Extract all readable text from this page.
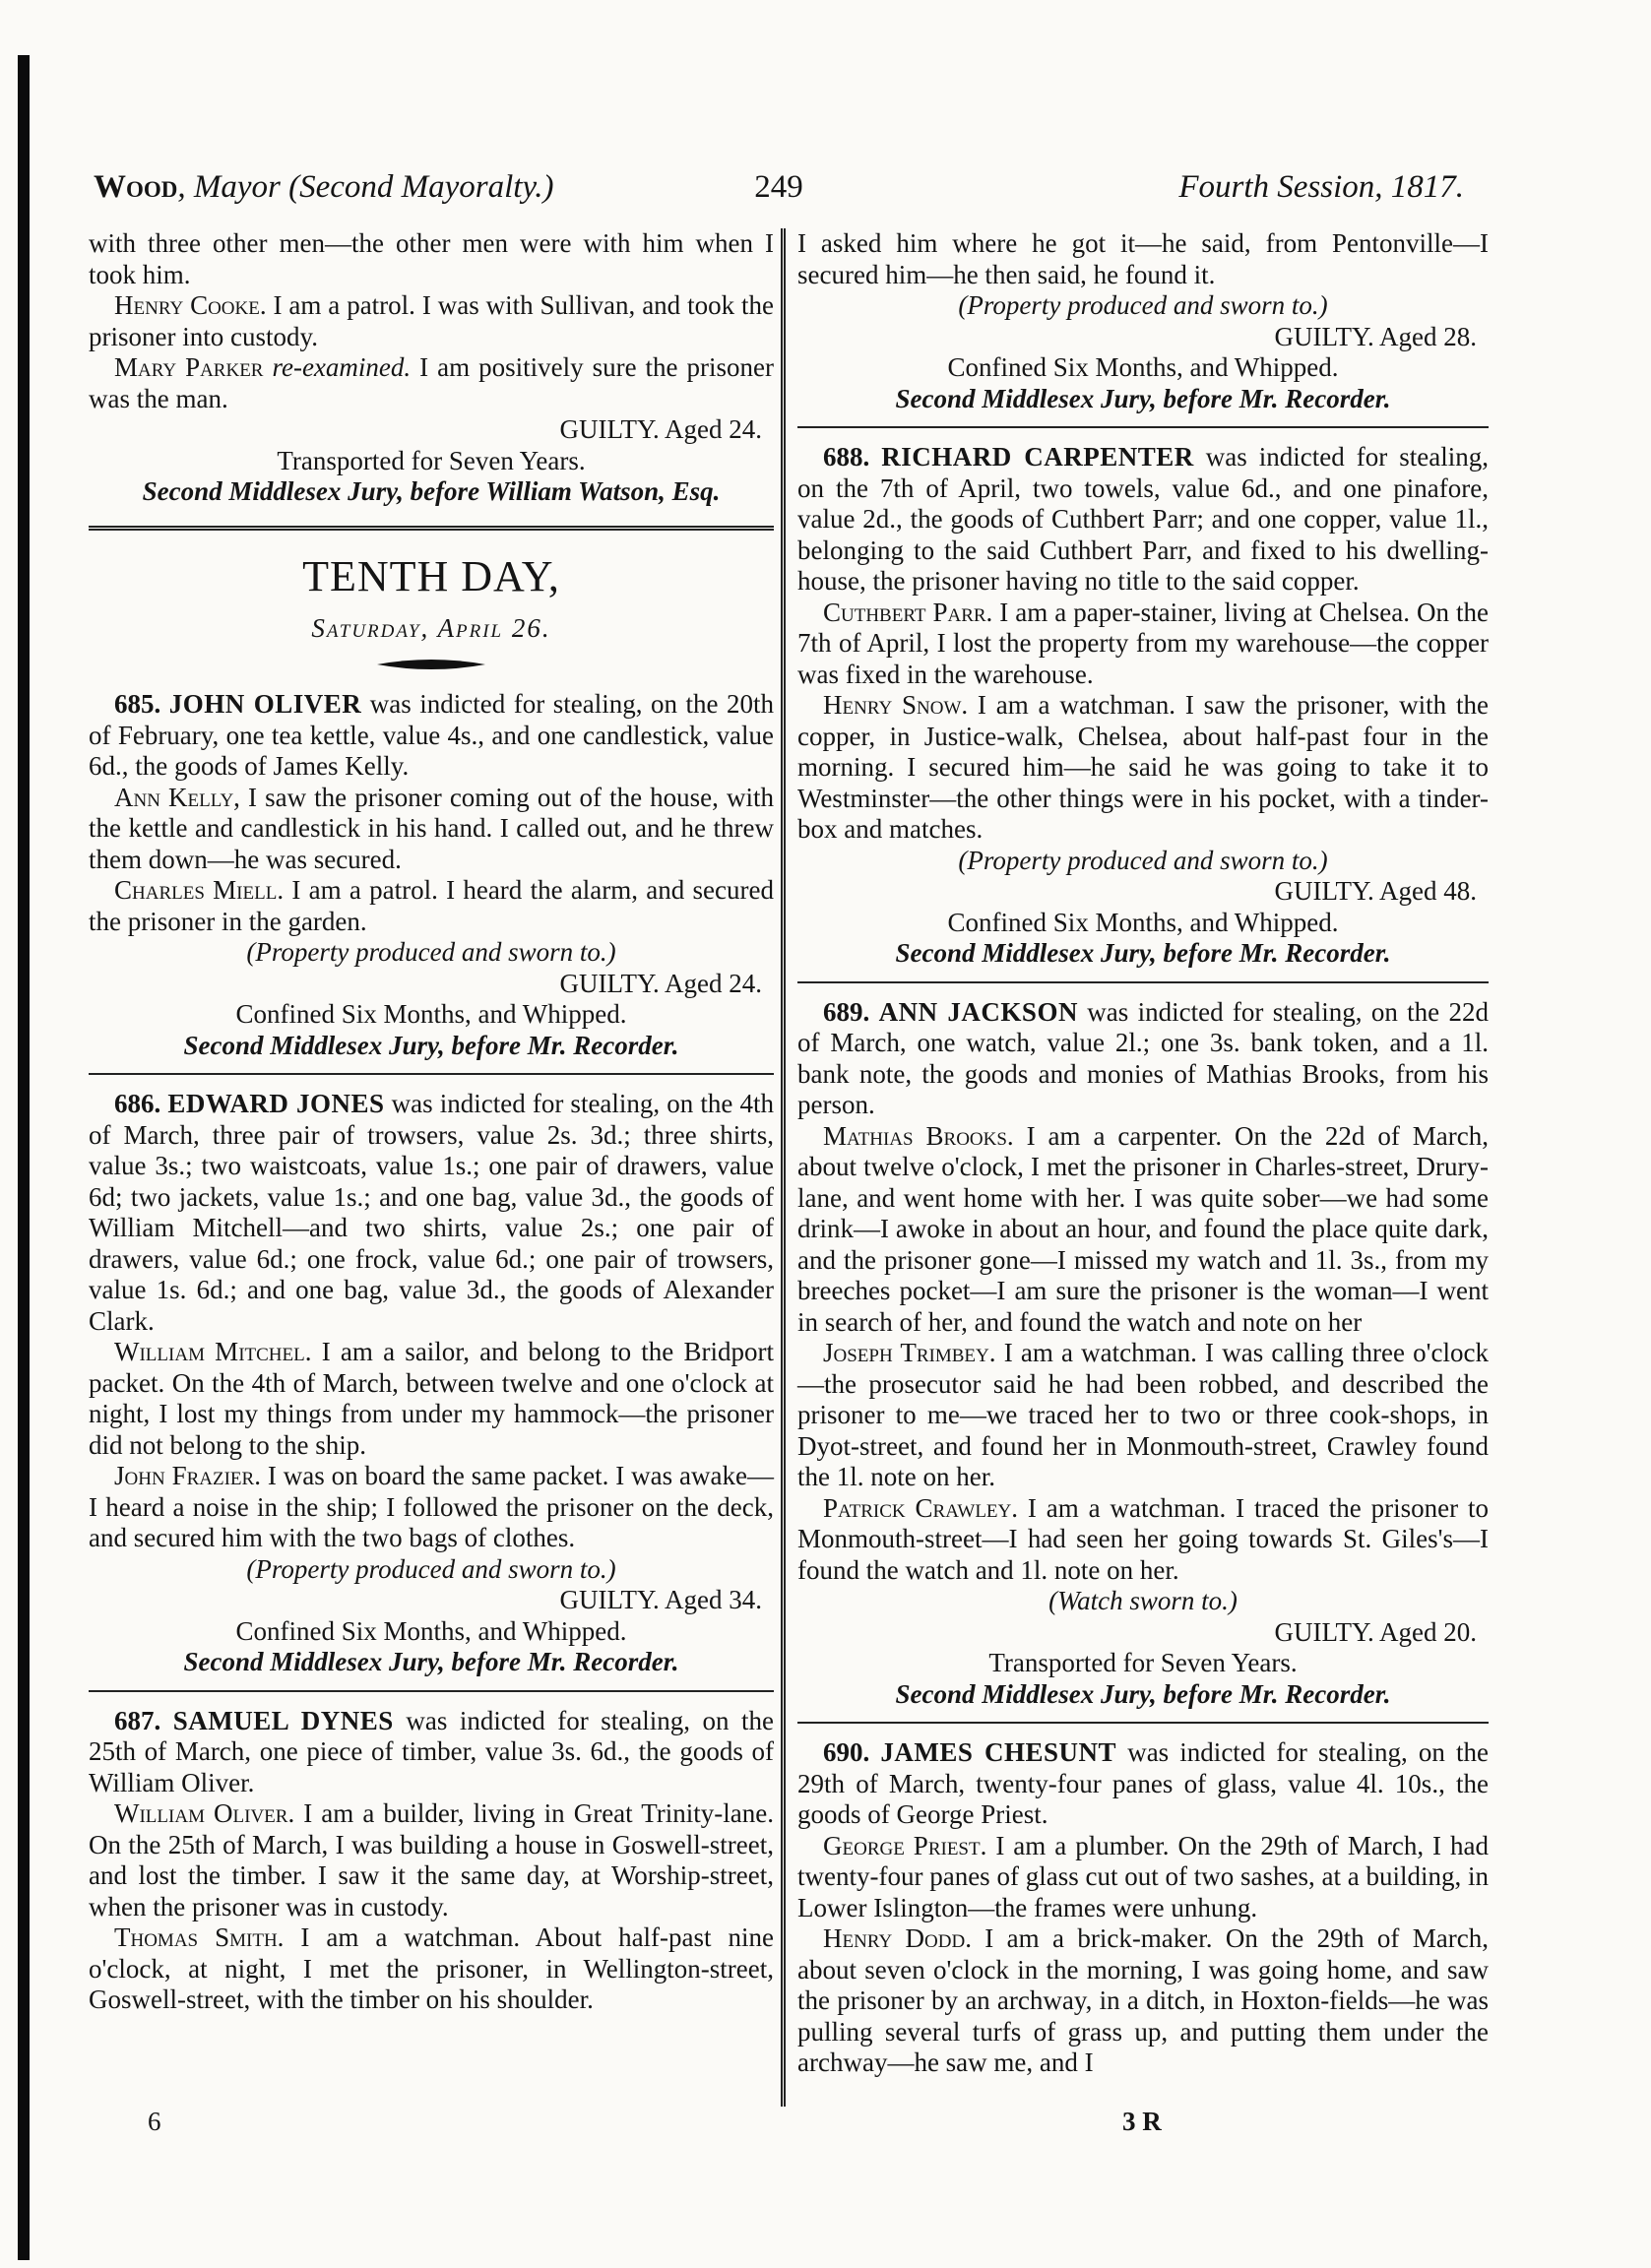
Wood, Mayor (Second Mayoralty.)	249	Fourth Session, 1817.

with three other men—the other men were with him when I took him.

Henry Cooke. I am a patrol. I was with Sullivan, and took the prisoner into custody.

Mary Parker re-examined. I am positively sure the prisoner was the man.

GUILTY. Aged 24.

Transported for Seven Years.

Second Middlesex Jury, before William Watson, Esq.

TENTH DAY,
Saturday, April 26.

685. JOHN OLIVER was indicted for stealing, on the 20th of February, one tea kettle, value 4s., and one candlestick, value 6d., the goods of James Kelly.

Ann Kelly, I saw the prisoner coming out of the house, with the kettle and candlestick in his hand. I called out, and he threw them down—he was secured.

Charles Miell. I am a patrol. I heard the alarm, and secured the prisoner in the garden.

(Property produced and sworn to.)

GUILTY. Aged 24.

Confined Six Months, and Whipped.

Second Middlesex Jury, before Mr. Recorder.

686. EDWARD JONES was indicted for stealing, on the 4th of March, three pair of trowsers, value 2s. 3d.; three shirts, value 3s.; two waistcoats, value 1s.; one pair of drawers, value 6d; two jackets, value 1s.; and one bag, value 3d., the goods of William Mitchell—and two shirts, value 2s.; one pair of drawers, value 6d.; one frock, value 6d.; one pair of trowsers, value 1s. 6d.; and one bag, value 3d., the goods of Alexander Clark.

William Mitchel. I am a sailor, and belong to the Bridport packet. On the 4th of March, between twelve and one o'clock at night, I lost my things from under my hammock—the prisoner did not belong to the ship.

John Frazier. I was on board the same packet. I was awake—I heard a noise in the ship; I followed the prisoner on the deck, and secured him with the two bags of clothes.

(Property produced and sworn to.)

GUILTY. Aged 34.

Confined Six Months, and Whipped.

Second Middlesex Jury, before Mr. Recorder.

687. SAMUEL DYNES was indicted for stealing, on the 25th of March, one piece of timber, value 3s. 6d., the goods of William Oliver.

William Oliver. I am a builder, living in Great Trinity-lane. On the 25th of March, I was building a house in Goswell-street, and lost the timber. I saw it the same day, at Worship-street, when the prisoner was in custody.

Thomas Smith. I am a watchman. About half-past nine o'clock, at night, I met the prisoner, in Wellington-street, Goswell-street, with the timber on his shoulder.

I asked him where he got it—he said, from Pentonville—I secured him—he then said, he found it.

(Property produced and sworn to.)

GUILTY. Aged 28.

Confined Six Months, and Whipped.

Second Middlesex Jury, before Mr. Recorder.

688. RICHARD CARPENTER was indicted for stealing, on the 7th of April, two towels, value 6d., and one pinafore, value 2d., the goods of Cuthbert Parr; and one copper, value 1l., belonging to the said Cuthbert Parr, and fixed to his dwelling-house, the prisoner having no title to the said copper.

Cuthbert Parr. I am a paper-stainer, living at Chelsea. On the 7th of April, I lost the property from my warehouse—the copper was fixed in the warehouse.

Henry Snow. I am a watchman. I saw the prisoner, with the copper, in Justice-walk, Chelsea, about half-past four in the morning. I secured him—he said he was going to take it to Westminster—the other things were in his pocket, with a tinder-box and matches.

(Property produced and sworn to.)

GUILTY. Aged 48.

Confined Six Months, and Whipped.

Second Middlesex Jury, before Mr. Recorder.

689. ANN JACKSON was indicted for stealing, on the 22d of March, one watch, value 2l.; one 3s. bank token, and a 1l. bank note, the goods and monies of Mathias Brooks, from his person.

Mathias Brooks. I am a carpenter. On the 22d of March, about twelve o'clock, I met the prisoner in Charles-street, Drury-lane, and went home with her. I was quite sober—we had some drink—I awoke in about an hour, and found the place quite dark, and the prisoner gone—I missed my watch and 1l. 3s., from my breeches pocket—I am sure the prisoner is the woman—I went in search of her, and found the watch and note on her

Joseph Trimbey. I am a watchman. I was calling three o'clock—the prosecutor said he had been robbed, and described the prisoner to me—we traced her to two or three cook-shops, in Dyot-street, and found her in Monmouth-street, Crawley found the 1l. note on her.

Patrick Crawley. I am a watchman. I traced the prisoner to Monmouth-street—I had seen her going towards St. Giles's—I found the watch and 1l. note on her.

(Watch sworn to.)

GUILTY. Aged 20.

Transported for Seven Years.

Second Middlesex Jury, before Mr. Recorder.

690. JAMES CHESUNT was indicted for stealing, on the 29th of March, twenty-four panes of glass, value 4l. 10s., the goods of George Priest.

George Priest. I am a plumber. On the 29th of March, I had twenty-four panes of glass cut out of two sashes, at a building, in Lower Islington—the frames were unhung.

Henry Dodd. I am a brick-maker. On the 29th of March, about seven o'clock in the morning, I was going home, and saw the prisoner by an archway, in a ditch, in Hoxton-fields—he was pulling several turfs of grass up, and putting them under the archway—he saw me, and I

6	3 R
